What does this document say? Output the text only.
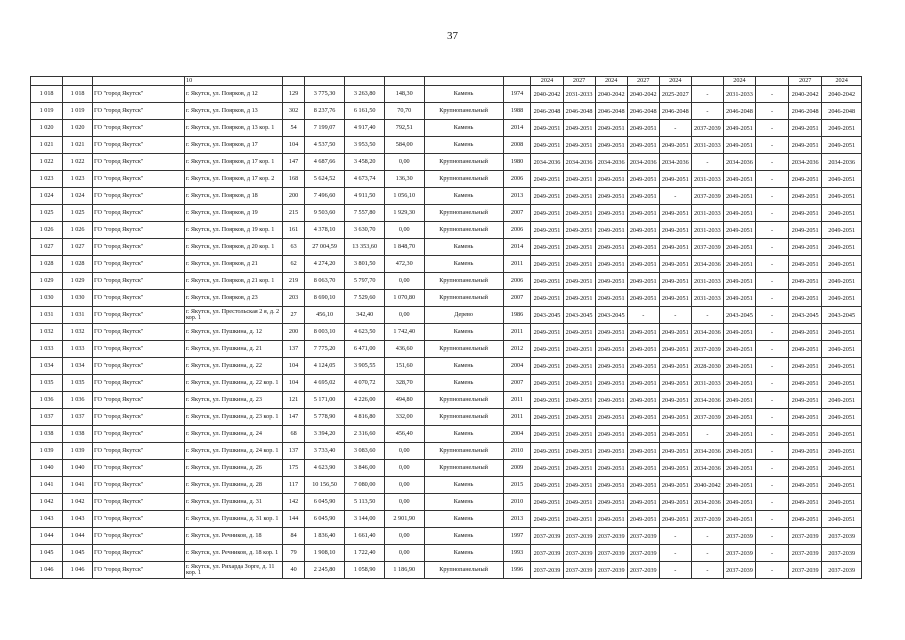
37
			10							2024	2027	2024	2027	2024		2024		2027	2024
1 018	1 018	ГО "город Якутск"	г. Якутск, ул. Поярков, д 12	129	3 775,30	3 263,80	148,30	Камень	1974	2040-2042	2031-2033	2040-2042	2040-2042	2025-2027	-	2031-2033	-	2040-2042	2040-2042
1 019	1 019	ГО "город Якутск"	г. Якутск, ул. Поярков, д 13	302	8 237,76	6 161,50	70,70	Крупнопанельный	1988	2046-2048	2046-2048	2046-2048	2046-2048	2046-2048	-	2046-2048	-	2046-2048	2046-2048
1 020	1 020	ГО "город Якутск"	г. Якутск, ул. Поярков, д 13 кор. 1	54	7 199,07	4 917,40	792,51	Камень	2014	2049-2051	2049-2051	2049-2051	2049-2051	-	2037-2039	2049-2051	-	2049-2051	2049-2051
1 021	1 021	ГО "город Якутск"	г. Якутск, ул. Поярков, д 17	104	4 537,50	3 953,50	584,00	Камень	2008	2049-2051	2049-2051	2049-2051	2049-2051	2049-2051	2031-2033	2049-2051	-	2049-2051	2049-2051
1 022	1 022	ГО "город Якутск"	г. Якутск, ул. Поярков, д 17 кор. 1	147	4 687,66	3 458,20	0,00	Крупнопанельный	1980	2034-2036	2034-2036	2034-2036	2034-2036	2034-2036	-	2034-2036	-	2034-2036	2034-2036
1 023	1 023	ГО "город Якутск"	г. Якутск, ул. Поярков, д 17 кор. 2	168	5 624,52	4 673,74	136,30	Крупнопанельный	2006	2049-2051	2049-2051	2049-2051	2049-2051	2049-2051	2031-2033	2049-2051	-	2049-2051	2049-2051
1 024	1 024	ГО "город Якутск"	г. Якутск, ул. Поярков, д 18	200	7 496,60	4 911,50	1 056,10	Камень	2013	2049-2051	2049-2051	2049-2051	2049-2051	-	2037-2039	2049-2051	-	2049-2051	2049-2051
1 025	1 025	ГО "город Якутск"	г. Якутск, ул. Поярков, д 19	215	9 503,60	7 557,80	1 929,30	Крупнопанельный	2007	2049-2051	2049-2051	2049-2051	2049-2051	2049-2051	2031-2033	2049-2051	-	2049-2051	2049-2051
1 026	1 026	ГО "город Якутск"	г. Якутск, ул. Поярков, д 19 кор. 1	161	4 378,10	3 630,70	0,00	Крупнопанельный	2006	2049-2051	2049-2051	2049-2051	2049-2051	2049-2051	2031-2033	2049-2051	-	2049-2051	2049-2051
1 027	1 027	ГО "город Якутск"	г. Якутск, ул. Поярков, д 20 кор. 1	63	27 004,59	13 353,60	1 848,70	Камень	2014	2049-2051	2049-2051	2049-2051	2049-2051	2049-2051	2037-2039	2049-2051	-	2049-2051	2049-2051
1 028	1 028	ГО "город Якутск"	г. Якутск, ул. Поярков, д 21	62	4 274,20	3 801,50	472,30	Камень	2011	2049-2051	2049-2051	2049-2051	2049-2051	2049-2051	2034-2036	2049-2051	-	2049-2051	2049-2051
1 029	1 029	ГО "город Якутск"	г. Якутск, ул. Поярков, д 21 кор. 1	219	8 063,70	5 797,70	0,00	Крупнопанельный	2006	2049-2051	2049-2051	2049-2051	2049-2051	2049-2051	2031-2033	2049-2051	-	2049-2051	2049-2051
1 030	1 030	ГО "город Якутск"	г. Якутск, ул. Поярков, д 23	203	8 690,10	7 529,60	1 070,80	Крупнопанельный	2007	2049-2051	2049-2051	2049-2051	2049-2051	2049-2051	2031-2033	2049-2051	-	2049-2051	2049-2051
1 031	1 031	ГО "город Якутск"	г. Якутск, ул. Престольская 2 я, д. 2 кор. 1	27	456,10	342,40	0,00	Дерево	1986	2043-2045	2043-2045	2043-2045	-	-	-	2043-2045	-	2043-2045	2043-2045
1 032	1 032	ГО "город Якутск"	г. Якутск, ул. Пушкина, д. 12	200	8 003,10	4 623,50	1 742,40	Камень	2011	2049-2051	2049-2051	2049-2051	2049-2051	2049-2051	2034-2036	2049-2051	-	2049-2051	2049-2051
1 033	1 033	ГО "город Якутск"	г. Якутск, ул. Пушкина, д. 21	137	7 775,20	6 471,00	436,60	Крупнопанельный	2012	2049-2051	2049-2051	2049-2051	2049-2051	2049-2051	2037-2039	2049-2051	-	2049-2051	2049-2051
1 034	1 034	ГО "город Якутск"	г. Якутск, ул. Пушкина, д. 22	104	4 124,05	3 905,55	151,60	Камень	2004	2049-2051	2049-2051	2049-2051	2049-2051	2049-2051	2028-2030	2049-2051	-	2049-2051	2049-2051
1 035	1 035	ГО "город Якутск"	г. Якутск, ул. Пушкина, д. 22 кор. 1	104	4 695,02	4 070,72	328,70	Камень	2007	2049-2051	2049-2051	2049-2051	2049-2051	2049-2051	2031-2033	2049-2051	-	2049-2051	2049-2051
1 036	1 036	ГО "город Якутск"	г. Якутск, ул. Пушкина, д. 23	121	5 171,00	4 226,00	494,80	Крупнопанельный	2011	2049-2051	2049-2051	2049-2051	2049-2051	2049-2051	2034-2036	2049-2051	-	2049-2051	2049-2051
1 037	1 037	ГО "город Якутск"	г. Якутск, ул. Пушкина, д. 23 кор. 1	147	5 778,90	4 816,80	332,00	Крупнопанельный	2011	2049-2051	2049-2051	2049-2051	2049-2051	2049-2051	2037-2039	2049-2051	-	2049-2051	2049-2051
1 038	1 038	ГО "город Якутск"	г. Якутск, ул. Пушкина, д. 24	68	3 394,20	2 316,60	456,40	Камень	2004	2049-2051	2049-2051	2049-2051	2049-2051	2049-2051	-	2049-2051	-	2049-2051	2049-2051
1 039	1 039	ГО "город Якутск"	г. Якутск, ул. Пушкина, д. 24 кор. 1	137	3 733,40	3 083,60	0,00	Крупнопанельный	2010	2049-2051	2049-2051	2049-2051	2049-2051	2049-2051	2034-2036	2049-2051	-	2049-2051	2049-2051
1 040	1 040	ГО "город Якутск"	г. Якутск, ул. Пушкина, д. 26	175	4 623,90	3 846,00	0,00	Крупнопанельный	2009	2049-2051	2049-2051	2049-2051	2049-2051	2049-2051	2034-2036	2049-2051	-	2049-2051	2049-2051
1 041	1 041	ГО "город Якутск"	г. Якутск, ул. Пушкина, д. 28	117	10 156,50	7 080,00	0,00	Камень	2015	2049-2051	2049-2051	2049-2051	2049-2051	2049-2051	2040-2042	2049-2051	-	2049-2051	2049-2051
1 042	1 042	ГО "город Якутск"	г. Якутск, ул. Пушкина, д. 31	142	6 045,90	5 113,50	0,00	Камень	2010	2049-2051	2049-2051	2049-2051	2049-2051	2049-2051	2034-2036	2049-2051	-	2049-2051	2049-2051
1 043	1 043	ГО "город Якутск"	г. Якутск, ул. Пушкина, д. 31 кор. 1	144	6 045,90	3 144,00	2 901,90	Камень	2013	2049-2051	2049-2051	2049-2051	2049-2051	2049-2051	2037-2039	2049-2051	-	2049-2051	2049-2051
1 044	1 044	ГО "город Якутск"	г. Якутск, ул. Речников, д. 18	84	1 836,40	1 661,40	0,00	Камень	1997	2037-2039	2037-2039	2037-2039	2037-2039	-	-	2037-2039	-	2037-2039	2037-2039
1 045	1 045	ГО "город Якутск"	г. Якутск, ул. Речников, д. 18 кор. 1	79	1 908,10	1 722,40	0,00	Камень	1993	2037-2039	2037-2039	2037-2039	2037-2039	-	-	2037-2039	-	2037-2039	2037-2039
1 046	1 046	ГО "город Якутск"	г. Якутск, ул. Рихарда Зорге, д. 11 кор. 1	40	2 245,80	1 058,90	1 186,90	Крупнопанельный	1996	2037-2039	2037-2039	2037-2039	2037-2039	-	-	2037-2039	-	2037-2039	2037-2039
